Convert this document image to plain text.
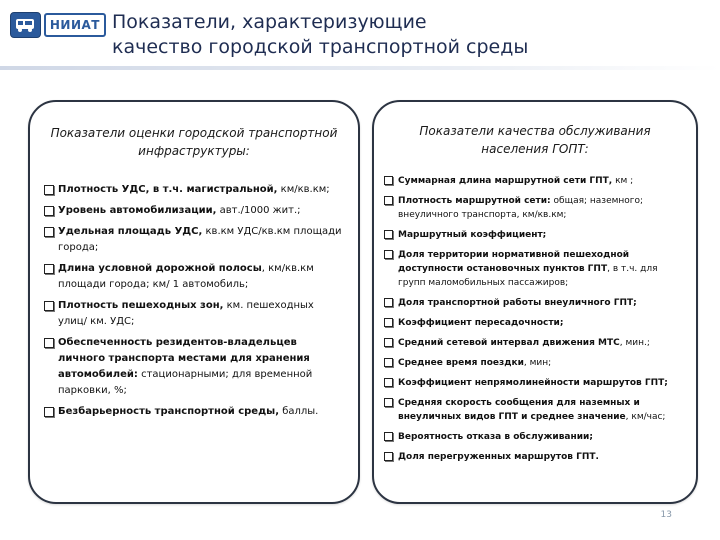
НИИАТ Показатели, характеризующие
качество городской транспортной среды
Показатели оценки городской транспортной инфраструктуры:
Плотность УДС, в т.ч. магистральной, км/кв.км;
Уровень автомобилизации, авт./1000 жит.;
Удельная площадь УДС, кв.км УДС/кв.км площади города;
Длина условной дорожной полосы, км/кв.км площади города; км/ 1 автомобиль;
Плотность пешеходных зон, км. пешеходных улиц/ км. УДС;
Обеспеченность резидентов-владельцев личного транспорта местами для хранения автомобилей: стационарными; для временной парковки, %;
Безбарьерность транспортной среды, баллы.
Показатели качества обслуживания населения ГОПТ:
Суммарная длина маршрутной сети ГПТ, км ;
Плотность маршрутной сети: общая; наземного; внеуличного транспорта, км/кв.км;
Маршрутный коэффициент;
Доля территории нормативной пешеходной доступности остановочных пунктов ГПТ, в т.ч. для групп маломобильных пассажиров;
Доля транспортной работы внеуличного ГПТ;
Коэффициент пересадочности;
Средний сетевой интервал движения МТС, мин.;
Среднее время поездки, мин;
Коэффициент непрямолинейности маршрутов ГПТ;
Средняя скорость сообщения для наземных и внеуличных видов ГПТ и среднее значение, км/час;
Вероятность отказа в обслуживании;
Доля перегруженных маршрутов ГПТ.
13
